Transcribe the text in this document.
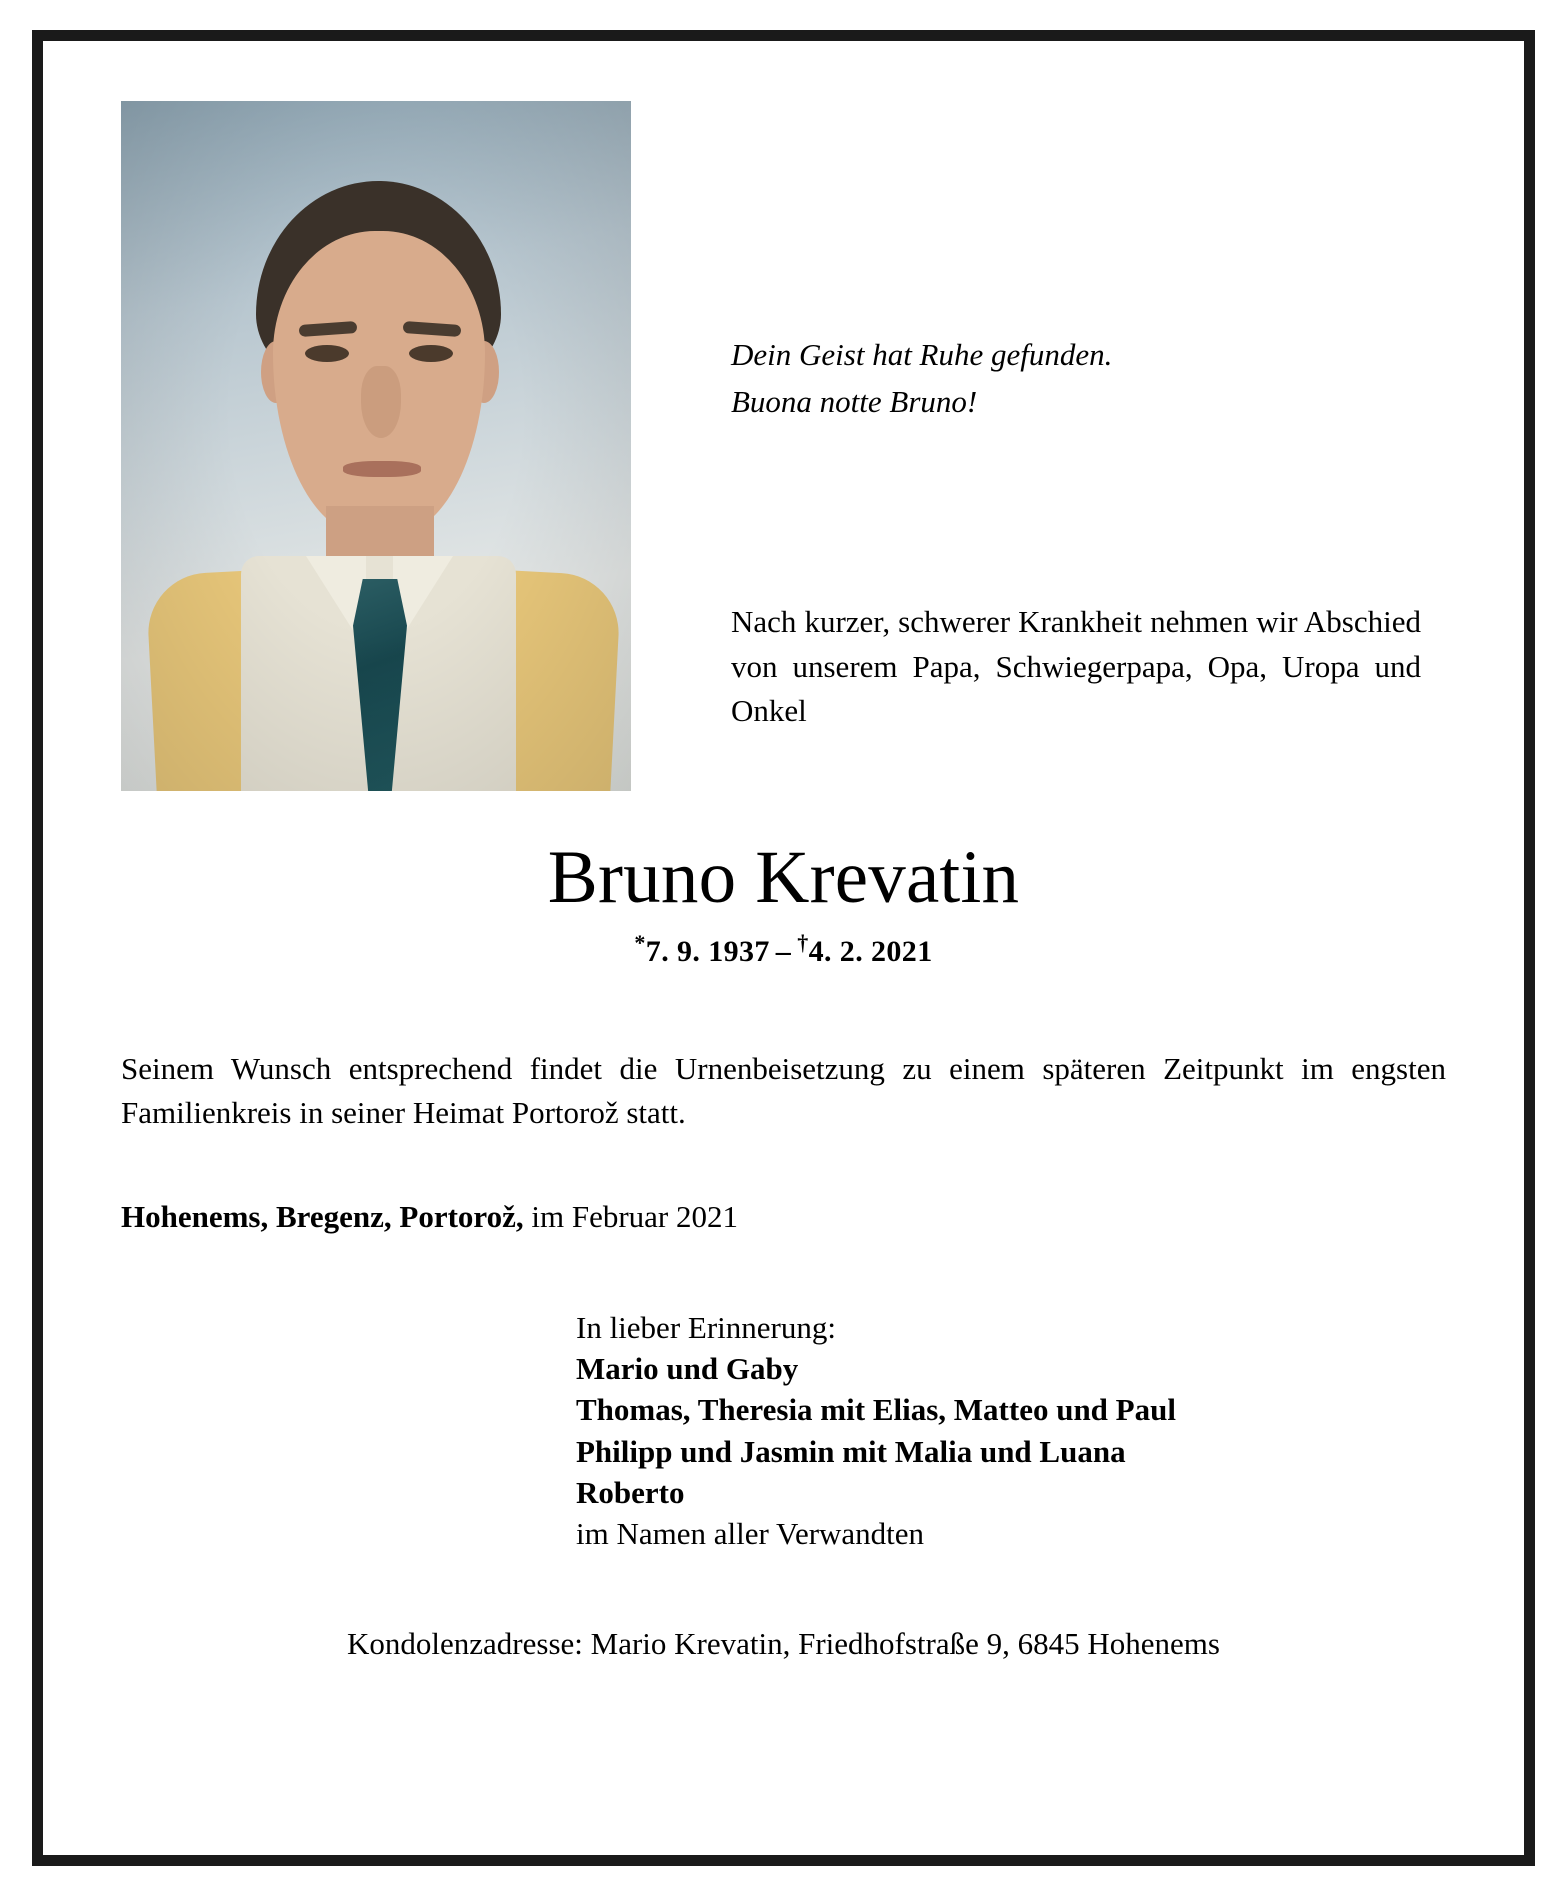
Dein Geist hat Ruhe gefunden.
Buona notte Bruno!
Nach kurzer, schwerer Krankheit nehmen wir Abschied von unserem Papa, Schwiegerpapa, Opa, Uropa und Onkel
Bruno Krevatin
*7. 9. 1937 – †4. 2. 2021
Seinem Wunsch entsprechend findet die Urnenbeisetzung zu einem späteren Zeitpunkt im engsten Familienkreis in seiner Heimat Portorož statt.
Hohenems, Bregenz, Portorož, im Februar 2021
In lieber Erinnerung:
Mario und Gaby
Thomas, Theresia mit Elias, Matteo und Paul
Philipp und Jasmin mit Malia und Luana
Roberto
im Namen aller Verwandten
Kondolenzadresse: Mario Krevatin, Friedhofstraße 9, 6845 Hohenems
